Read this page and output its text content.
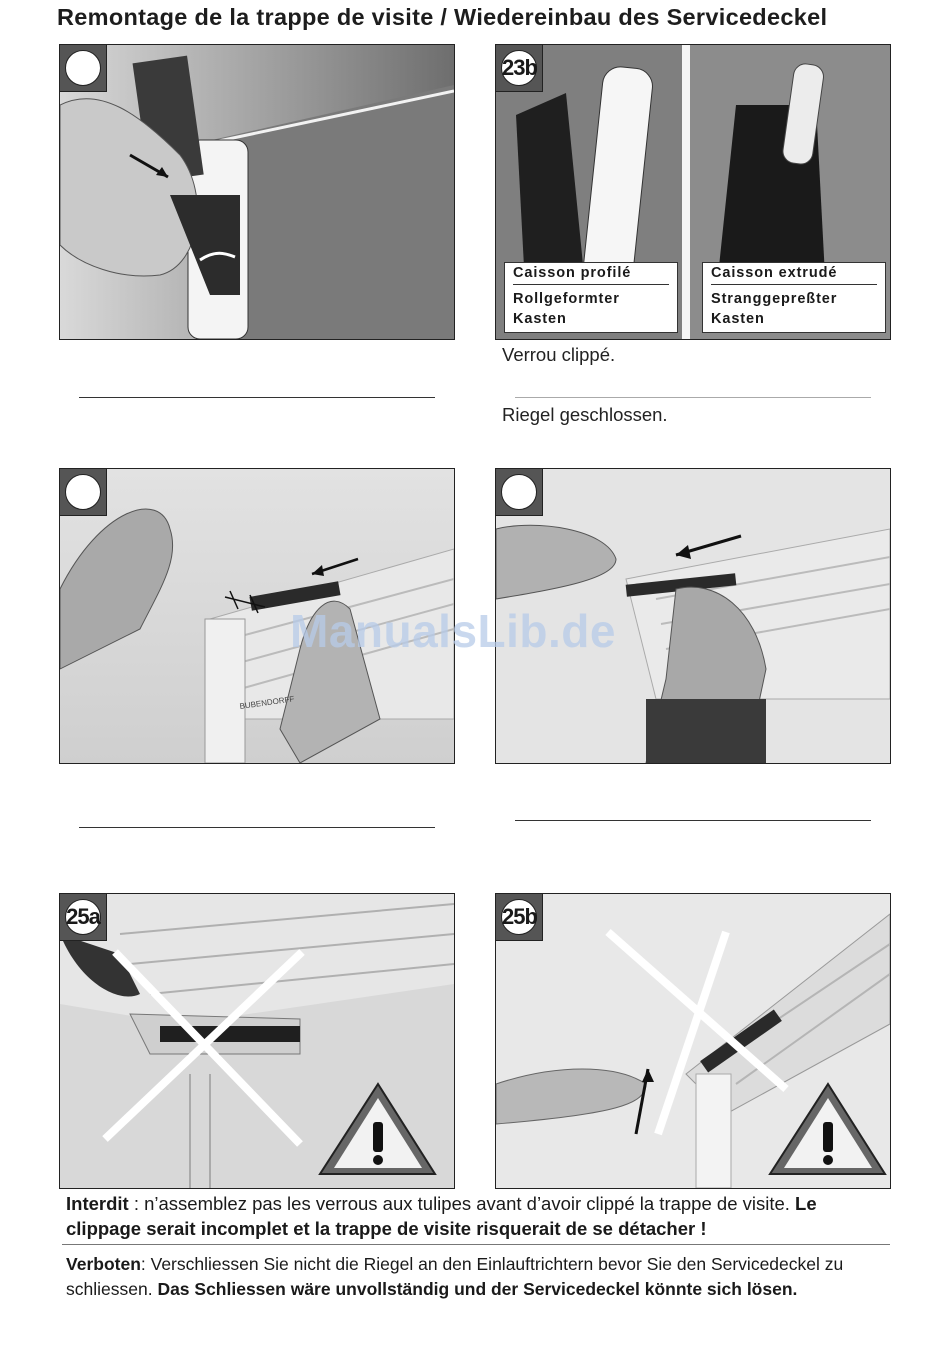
Remontage de la trappe de visite / Wiedereinbau des Servicedeckel
23b
Caisson profilé
Rollgeformter
Kasten
Caisson extrudé
Stranggepreßter
Kasten
Verrou clippé.
Riegel geschlossen.
BUBENDORFF
25a	25b
ManualsLib.de
Interdit : n’assemblez pas les verrous aux tulipes avant d’avoir clippé la trappe de visite. Le clippage serait incomplet et la trappe de visite risquerait de se détacher !
Verboten: Verschliessen Sie nicht die Riegel an den Einlauftrichtern bevor Sie den Servicedeckel zu schliessen. Das Schliessen wäre unvollständig und der Servicedeckel könnte sich lösen.
